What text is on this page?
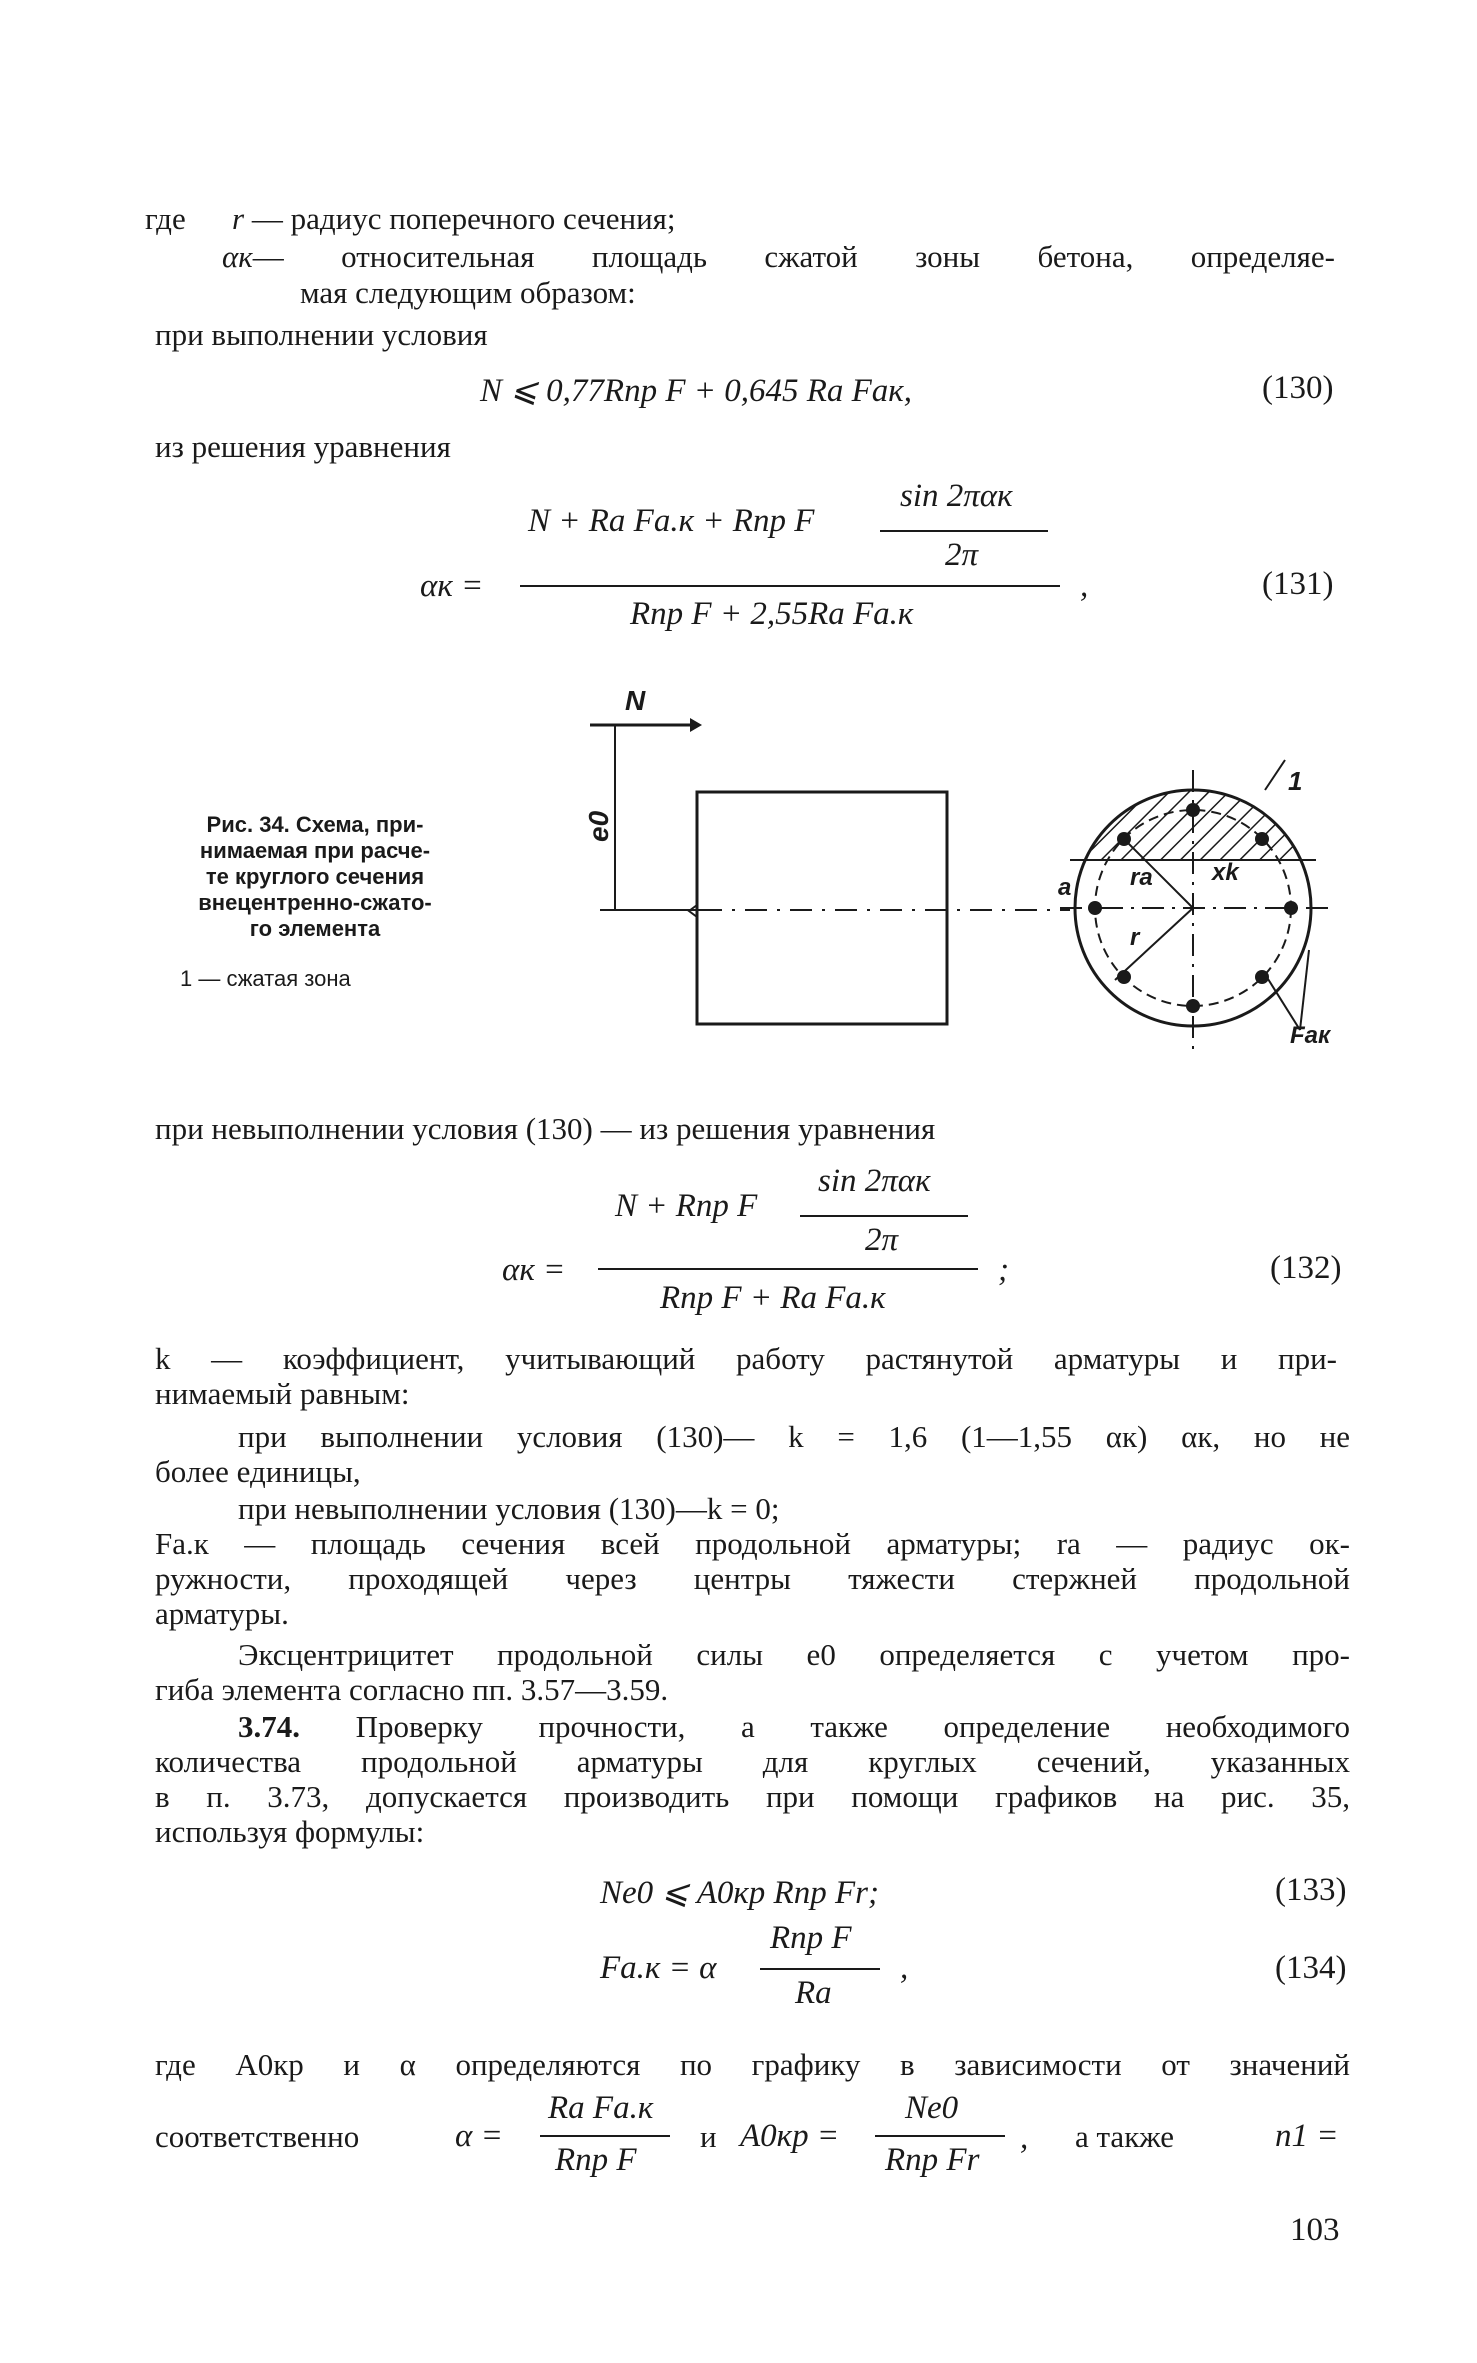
где r — радиус поперечного сечения;
αк— относительная площадь сжатой зоны бетона, определяе-
мая следующим образом:
при выполнении условия
N ⩽ 0,77Rпр F + 0,645 Rа Fак,	(130)
из решения уравнения
sin 2παк
N + Rа Fа.к + Rпр F
2π
αк =	,	(131)
Rпр F + 2,55Rа Fа.к
Рис. 34. Схема, при-
нимаемая при расче-
те круглого сечения
внецентренно-сжато-
го элемента
1 — сжатая зона
N
e0
1
a ra xk
r
Fак
при невыполнении условия (130) — из решения уравнения
sin 2παк
N + Rпр F
2π
αк =	;	(132)
Rпр F + Rа Fа.к
k — коэффициент, учитывающий работу растянутой арматуры и при-
нимаемый равным:
при выполнении условия (130)— k = 1,6 (1—1,55 αк) αк, но не
более единицы,
при невыполнении условия (130)—k = 0;
Fа.к — площадь сечения всей продольной арматуры; rа — радиус ок-
ружности, проходящей через центры тяжести стержней продольной
арматуры.
Эксцентрицитет продольной силы e0 определяется с учетом про-
гиба элемента согласно пп. 3.57—3.59.
3.74. Проверку прочности, а также определение необходимого
количества продольной арматуры для круглых сечений, указанных
в п. 3.73, допускается производить при помощи графиков на рис. 35,
используя формулы:
Ne0 ⩽ A0кр Rпр Fr;	(133)
Rпр F
Fа.к = α	,	(134)
Rа
где A0кр и α определяются по графику в зависимости от значений
соответственно	α =
Rа Fа.к
Rпр F
и A0кр =
Ne0
Rпр Fr
, а также	n1 =
103
